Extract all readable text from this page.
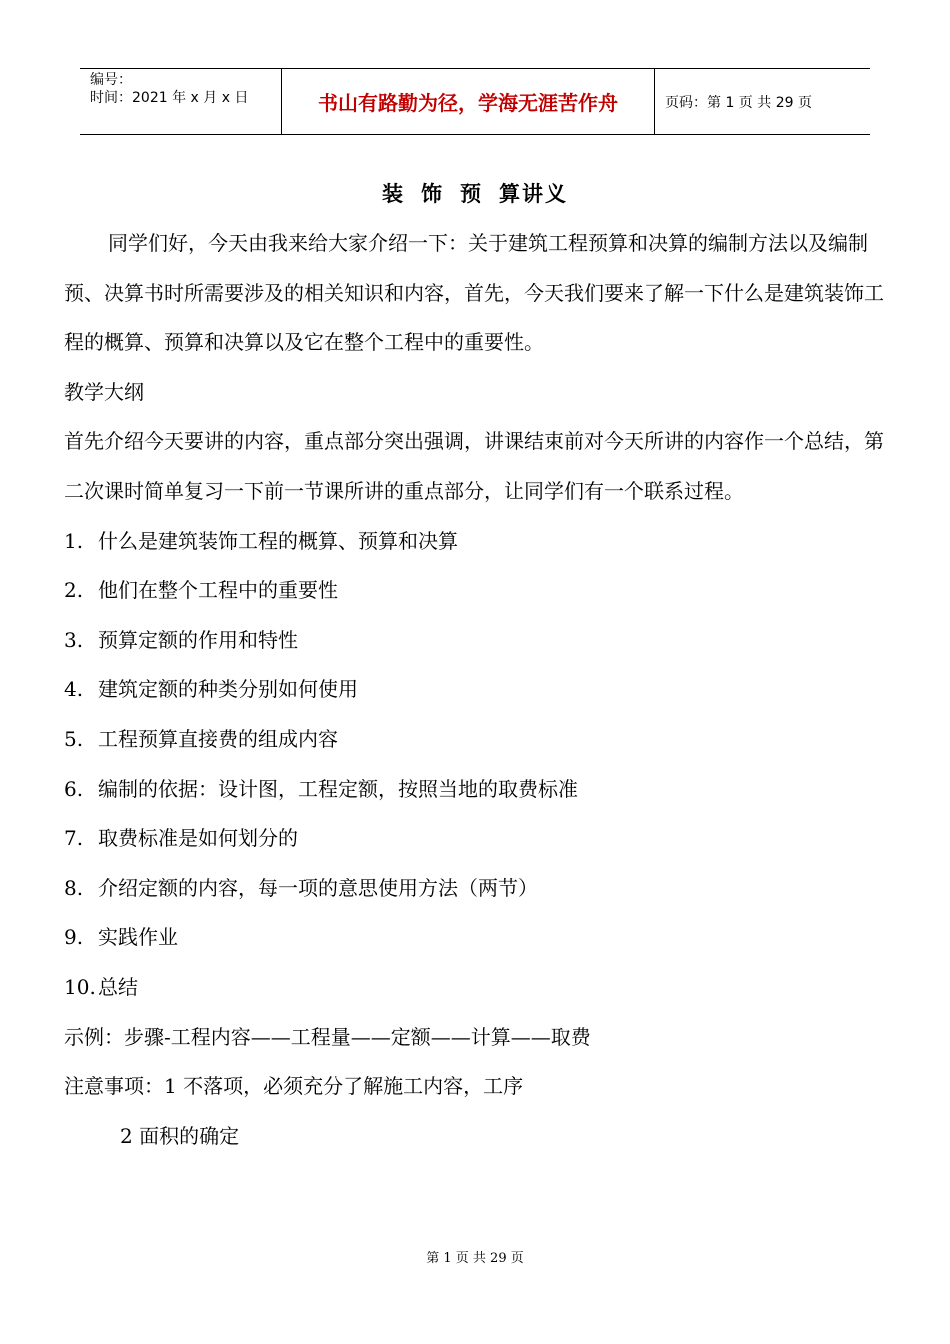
编号：
时间：2021 年 x 月 x 日	书山有路勤为径，学海无涯苦作舟	页码：第 1 页 共 29 页
装 饰 预 算讲义

同学们好，今天由我来给大家介绍一下：关于建筑工程预算和决算的编制方法以及编制预、决算书时所需要涉及的相关知识和内容，首先，今天我们要来了解一下什么是建筑装饰工程的概算、预算和决算以及它在整个工程中的重要性。

教学大纲

首先介绍今天要讲的内容，重点部分突出强调，讲课结束前对今天所讲的内容作一个总结，第二次课时简单复习一下前一节课所讲的重点部分，让同学们有一个联系过程。

1. 什么是建筑装饰工程的概算、预算和决算

2. 他们在整个工程中的重要性

3. 预算定额的作用和特性

4. 建筑定额的种类分别如何使用

5. 工程预算直接费的组成内容

6. 编制的依据：设计图，工程定额，按照当地的取费标准

7. 取费标准是如何划分的

8. 介绍定额的内容，每一项的意思使用方法（两节）

9. 实践作业

10. 总结

示例：步骤-工程内容——工程量——定额——计算——取费

注意事项：1 不落项，必须充分了解施工内容，工序

2 面积的确定

第 1 页 共 29 页
